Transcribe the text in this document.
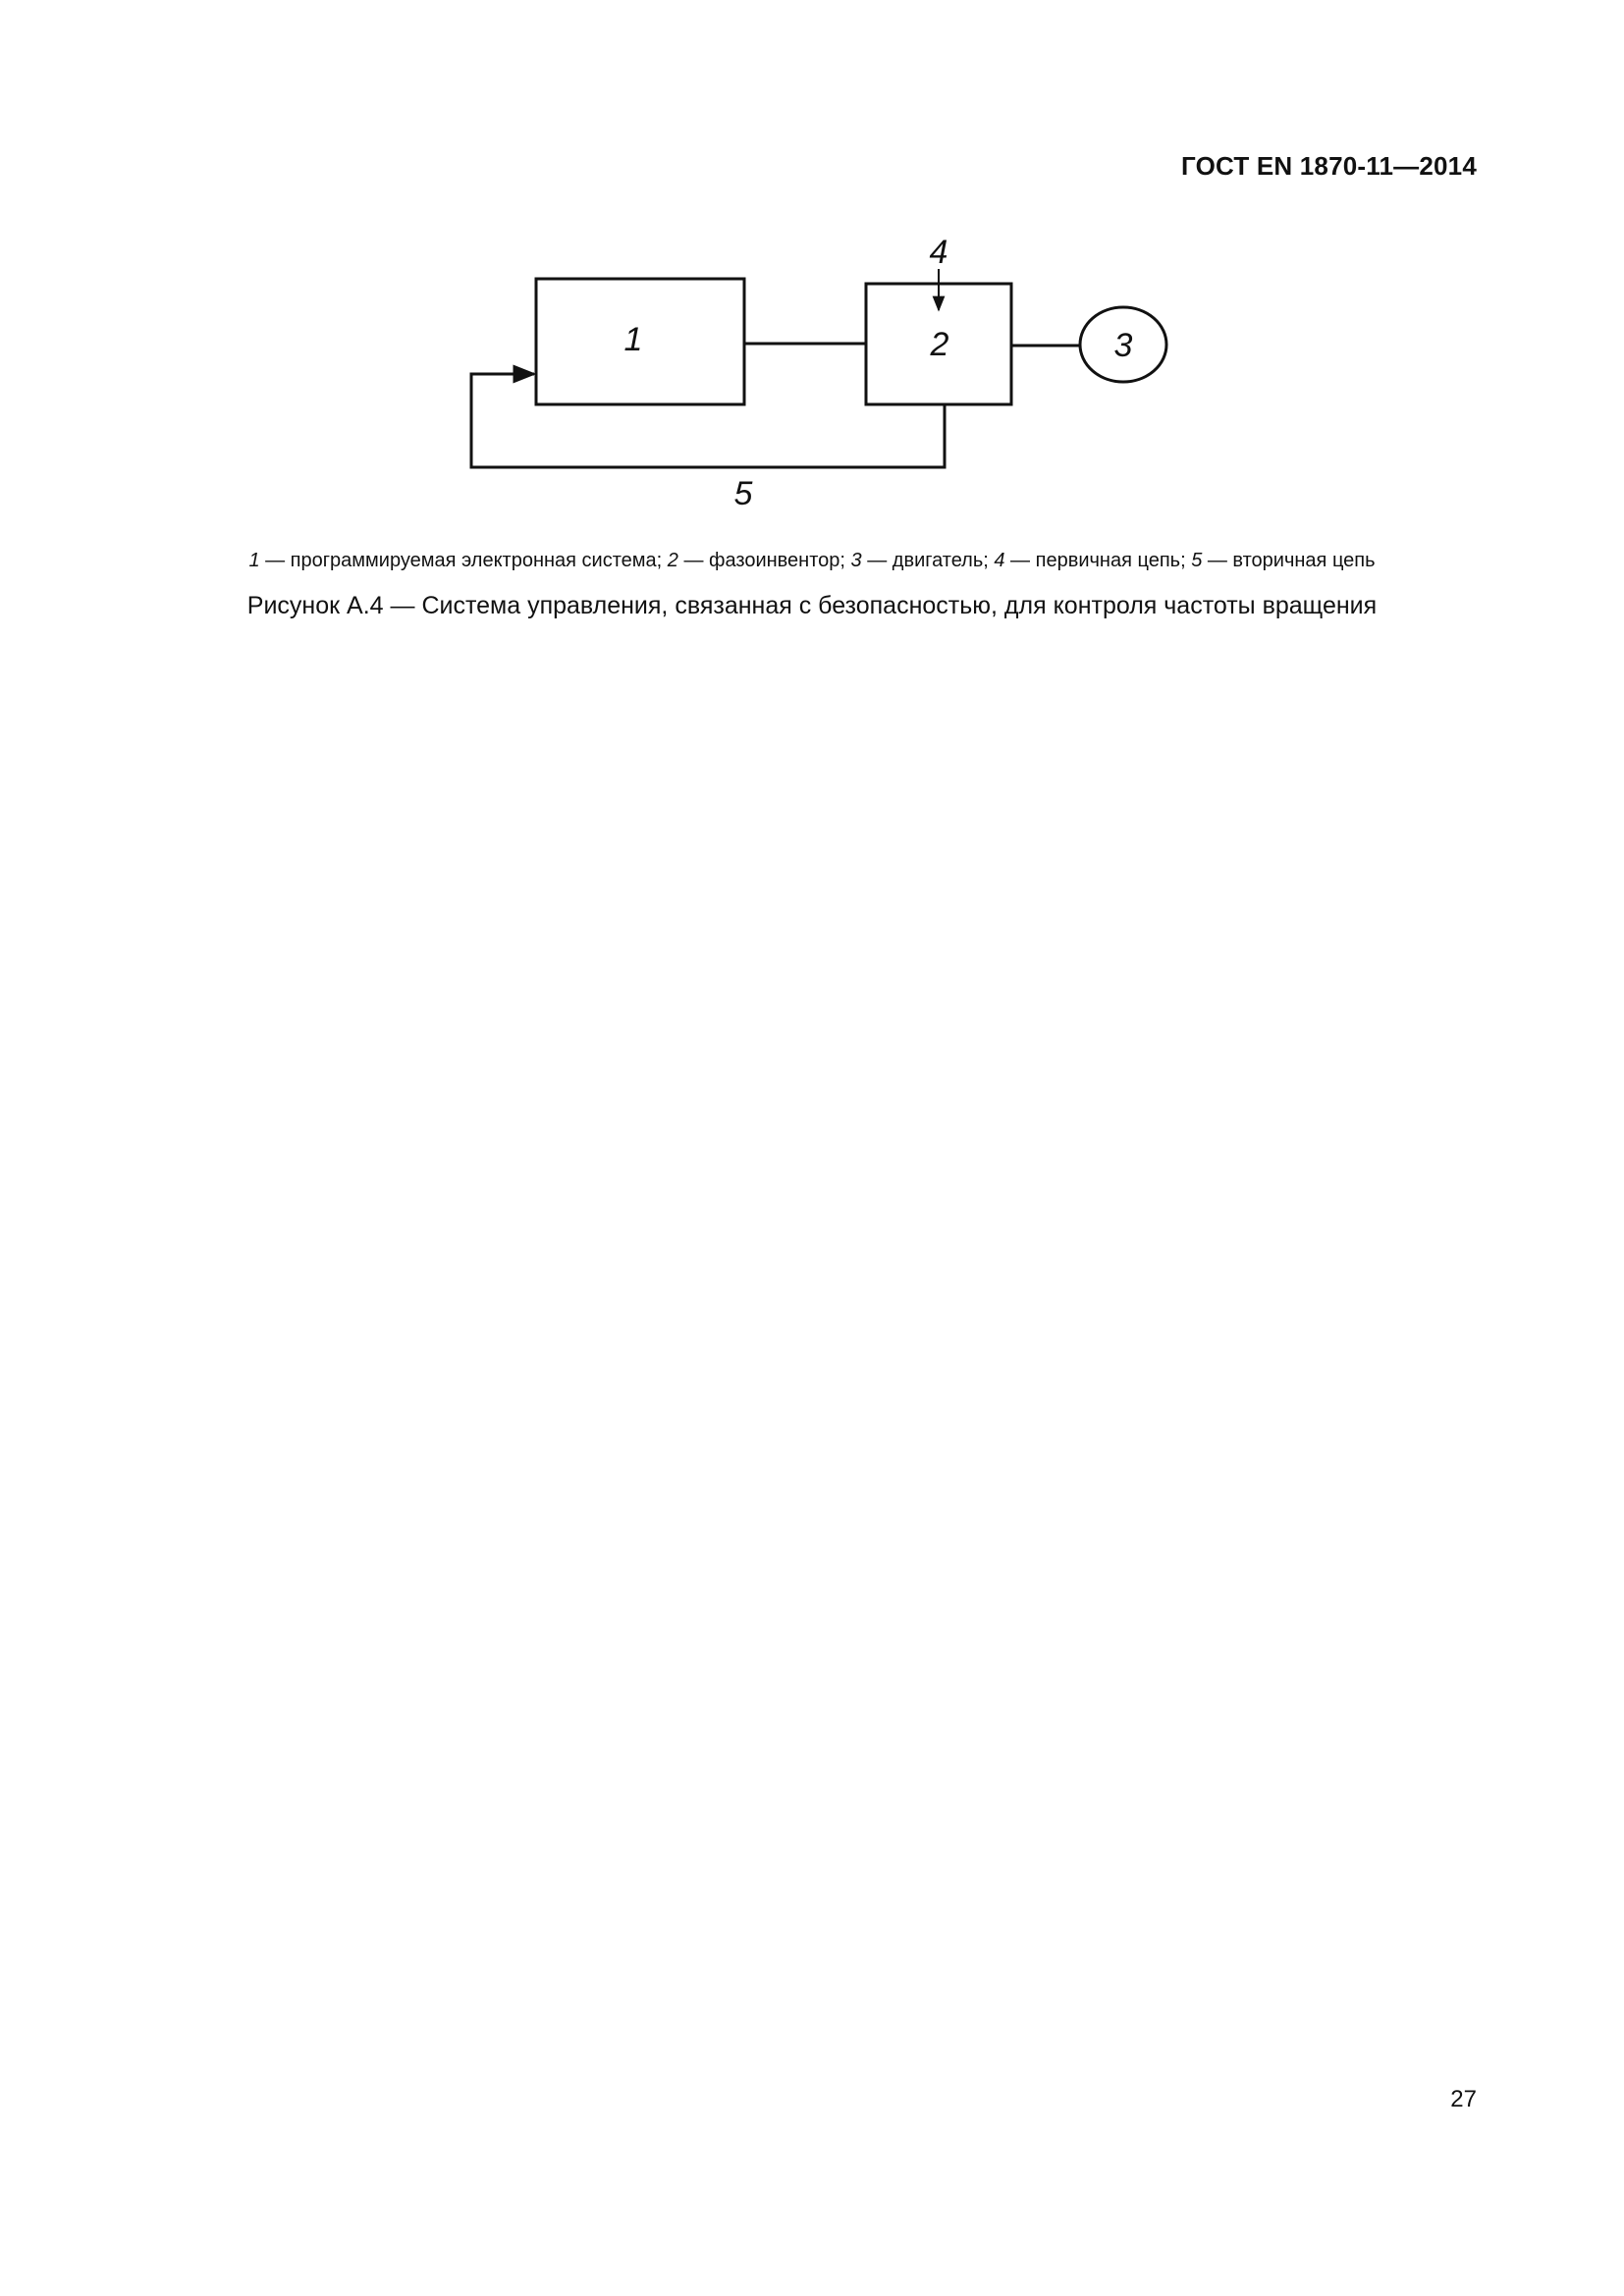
ГОСТ EN 1870-11—2014
1	2
4
3
5
1 — программируемая электронная система; 2 — фазоинвентор; 3 — двигатель; 4 — первичная цепь; 5 — вторичная цепь
Рисунок А.4 — Система управления, связанная с безопасностью, для контроля частоты вращения
27
